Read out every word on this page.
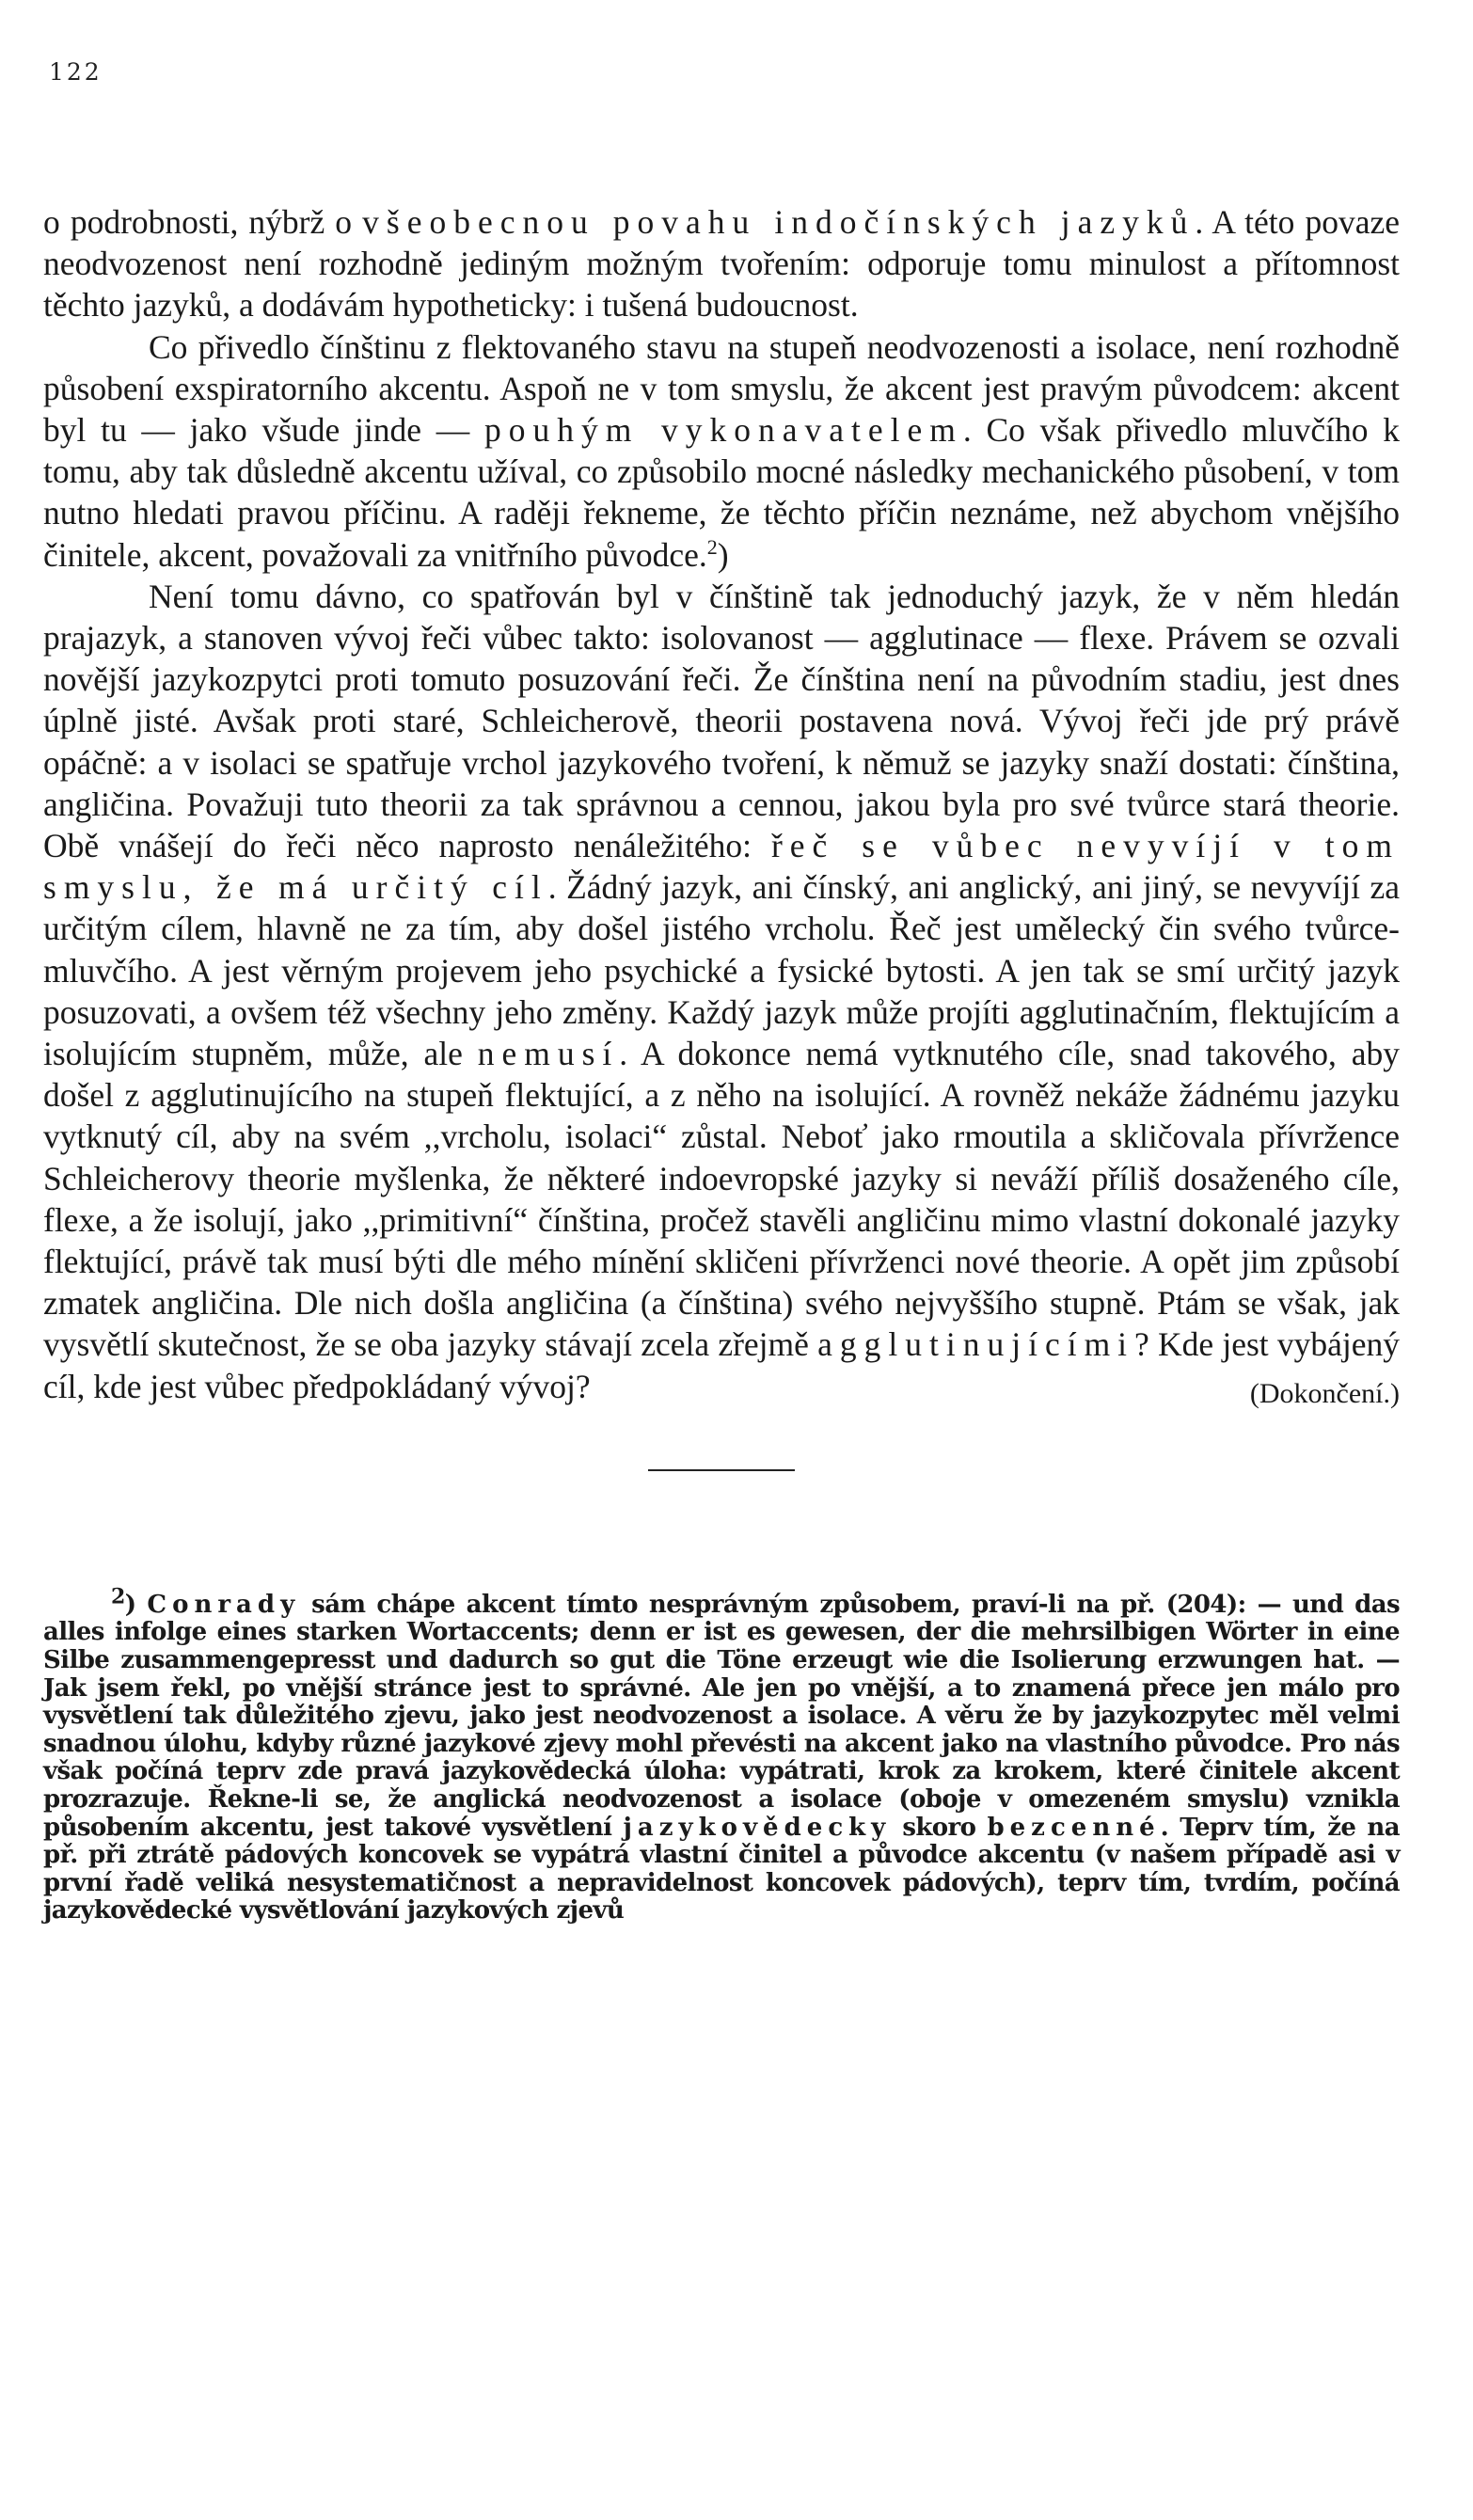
122

o podrobnosti, nýbrž o všeobecnou povahu indočínských jazyků. A této povaze neodvozenost není rozhodně jediným možným tvořením: odporuje tomu minulost a přítomnost těchto jazyků, a dodávám hypotheticky: i tušená budoucnost.

Co přivedlo čínštinu z flektovaného stavu na stupeň neodvozenosti a isolace, není rozhodně působení exspiratorního akcentu. Aspoň ne v tom smyslu, že akcent jest pravým původcem: akcent byl tu — jako všude jinde — pouhým vykonavatelem. Co však přivedlo mluvčího k tomu, aby tak důsledně akcentu užíval, co způsobilo mocné následky mechanického působení, v tom nutno hledati pravou příčinu. A raději řekneme, že těchto příčin neznáme, než abychom vnějšího činitele, akcent, považovali za vnitřního původce.$^2$)

Není tomu dávno, co spatřován byl v čínštině tak jednoduchý jazyk, že v něm hledán prajazyk, a stanoven vývoj řeči vůbec takto: isolovanost — agglutinace — flexe. Právem se ozvali novější jazykozpytci proti tomuto posuzování řeči. Že čínština není na původním stadiu, jest dnes úplně jisté. Avšak proti staré, Schleicherově, theorii postavena nová. Vývoj řeči jde prý právě opáčně: a v isolaci se spatřuje vrchol jazykového tvoření, k němuž se jazyky snaží dostati: čínština, angličina. Považuji tuto theorii za tak správnou a cennou, jakou byla pro své tvůrce stará theorie. Obě vnášejí do řeči něco naprosto nenáležitého: řeč se vůbec nevyvíjí v tom smyslu, že má určitý cíl. Žádný jazyk, ani čínský, ani anglický, ani jiný, se nevyvíjí za určitým cílem, hlavně ne za tím, aby došel jistého vrcholu. Řeč jest umělecký čin svého tvůrce-mluvčího. A jest věrným projevem jeho psychické a fysické bytosti. A jen tak se smí určitý jazyk posuzovati, a ovšem též všechny jeho změny. Každý jazyk může projíti agglutinačním, flektujícím a isolujícím stupněm, může, ale nemusí. A dokonce nemá vytknutého cíle, snad takového, aby došel z agglutinujícího na stupeň flektující, a z něho na isolující. A rovněž nekáže žádnému jazyku vytknutý cíl, aby na svém ,,vrcholu, isolaci“ zůstal. Neboť jako rmoutila a skličovala přívržence Schleicherovy theorie myšlenka, že některé indoevropské jazyky si neváží příliš dosaženého cíle, flexe, a že isolují, jako ,,primitivní“ čínština, pročež stavěli angličinu mimo vlastní dokonalé jazyky flektující, právě tak musí býti dle mého mínění skličeni přívrženci nové theorie. A opět jim způsobí zmatek angličina. Dle nich došla angličina (a čínština) svého nejvyššího stupně. Ptám se však, jak vysvětlí skutečnost, že se oba jazyky stávají zcela zřejmě agglutinujícími? Kde jest vybájený cíl, kde jest vůbec předpokládaný vývoj?	(Dokončení.)

$^2$) Conrady sám chápe akcent tímto nesprávným způsobem, praví-li na př. (204): — und das alles infolge eines starken Wortaccents; denn er ist es gewesen, der die mehrsilbigen Wörter in eine Silbe zusammengepresst und dadurch so gut die Töne erzeugt wie die Isolierung erzwungen hat. — Jak jsem řekl, po vnější stránce jest to správné. Ale jen po vnější, a to znamená přece jen málo pro vysvětlení tak důležitého zjevu, jako jest neodvozenost a isolace. A věru že by jazykozpytec měl velmi snadnou úlohu, kdyby různé jazykové zjevy mohl převésti na akcent jako na vlastního původce. Pro nás však počíná teprv zde pravá jazykovědecká úloha: vypátrati, krok za krokem, které činitele akcent prozrazuje. Řekne-li se, že anglická neodvozenost a isolace (oboje v omezeném smyslu) vznikla působením akcentu, jest takové vysvětlení jazykovědecky skoro bezcenné. Teprv tím, že na př. při ztrátě pádových koncovek se vypátrá vlastní činitel a původce akcentu (v našem případě asi v první řadě veliká nesystematičnost a nepravidelnost koncovek pádových), teprv tím, tvrdím, počíná jazykovědecké vysvětlování jazykových zjevů
